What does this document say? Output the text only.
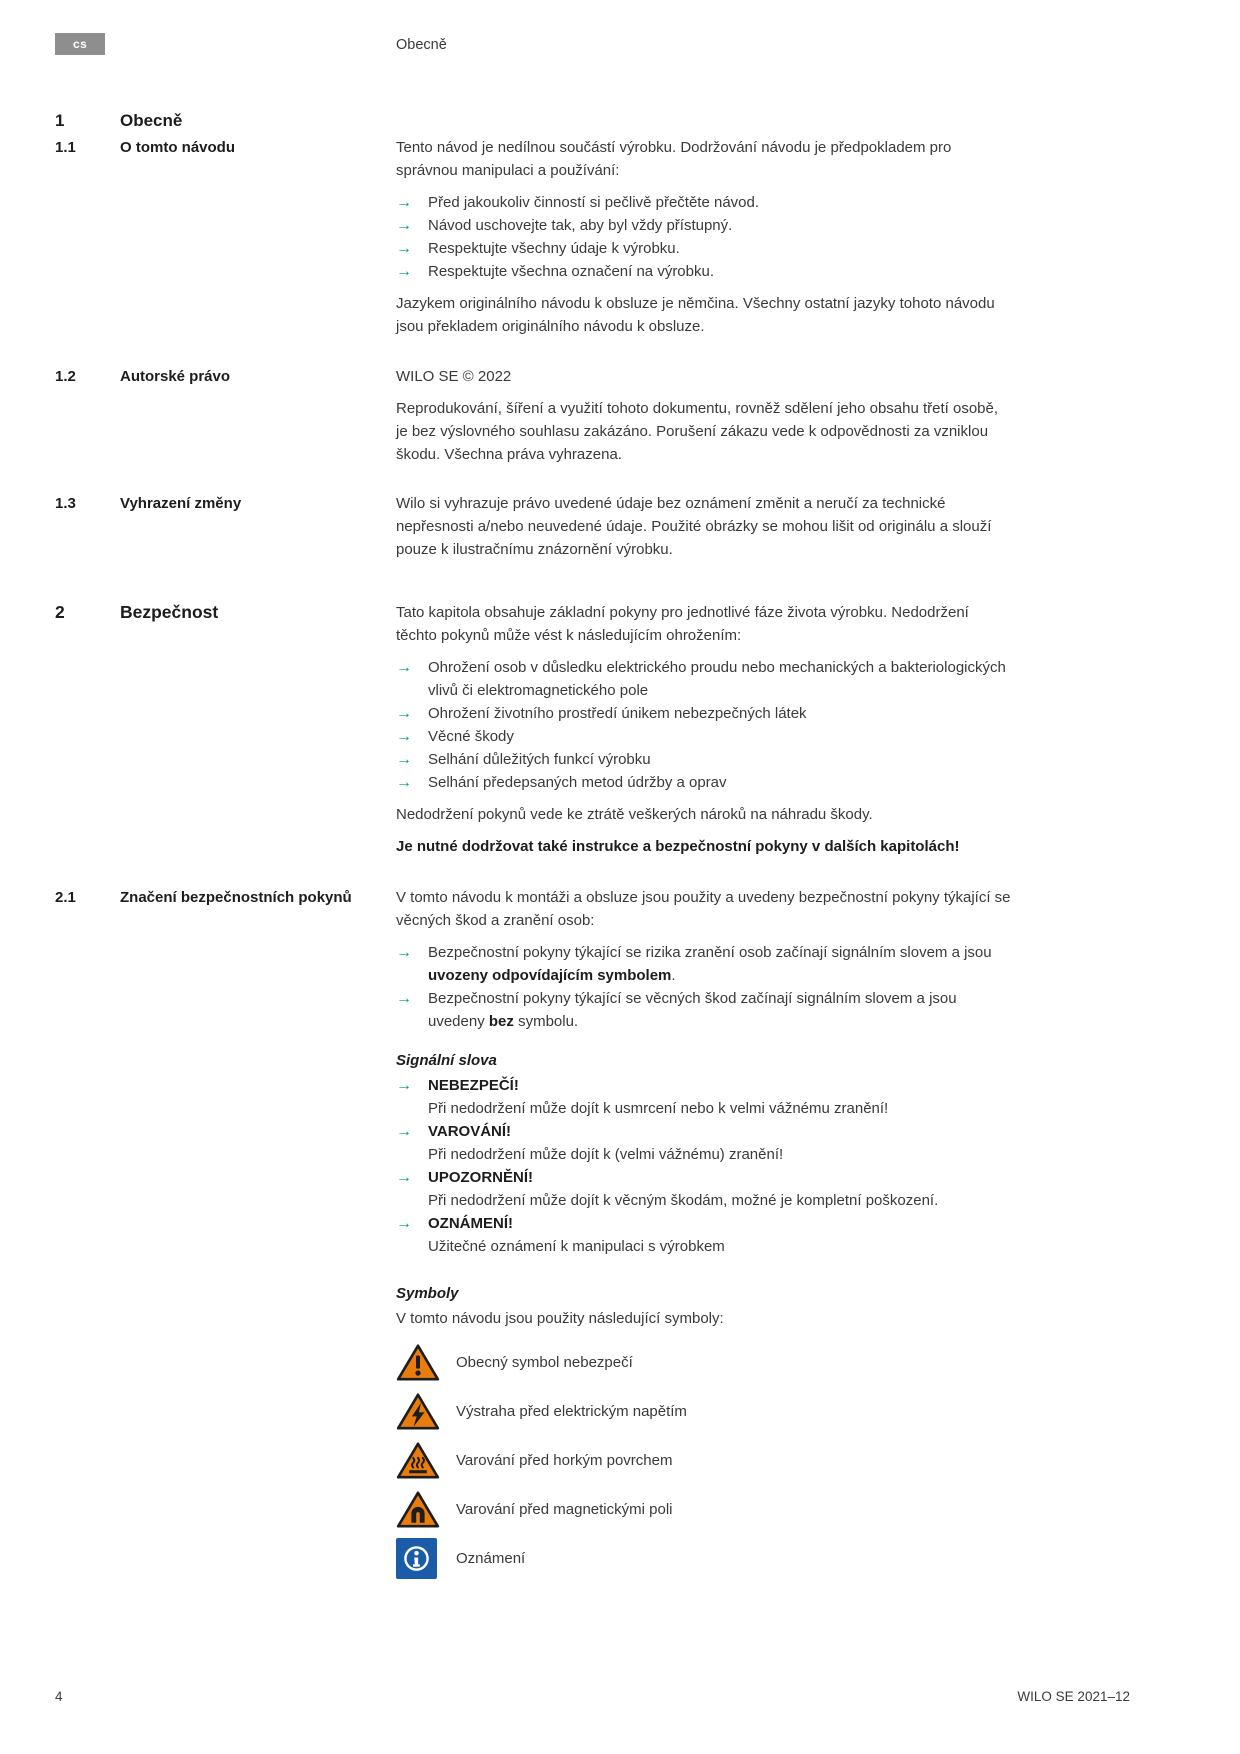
cs	Obecně
1	Obecně
1.1	O tomto návodu	Tento návod je nedílnou součástí výrobku. Dodržování návodu je předpokladem pro správnou manipulaci a používání:

→	Před jakoukoliv činností si pečlivě přečtěte návod.
→	Návod uschovejte tak, aby byl vždy přístupný.
→	Respektujte všechny údaje k výrobku.
→	Respektujte všechna označení na výrobku.

Jazykem originálního návodu k obsluze je němčina. Všechny ostatní jazyky tohoto návodu jsou překladem originálního návodu k obsluze.

1.2	Autorské právo	WILO SE © 2022

Reprodukování, šíření a využití tohoto dokumentu, rovněž sdělení jeho obsahu třetí osobě, je bez výslovného souhlasu zakázáno. Porušení zákazu vede k odpovědnosti za vzniklou škodu. Všechna práva vyhrazena.

1.3	Vyhrazení změny	Wilo si vyhrazuje právo uvedené údaje bez oznámení změnit a neručí za technické nepřesnosti a/nebo neuvedené údaje. Použité obrázky se mohou lišit od originálu a slouží pouze k ilustračnímu znázornění výrobku.

2	Bezpečnost	Tato kapitola obsahuje základní pokyny pro jednotlivé fáze života výrobku. Nedodržení těchto pokynů může vést k následujícím ohrožením:

→	Ohrožení osob v důsledku elektrického proudu nebo mechanických a bakteriologických vlivů či elektromagnetického pole
→	Ohrožení životního prostředí únikem nebezpečných látek
→	Věcné škody
→	Selhání důležitých funkcí výrobku
→	Selhání předepsaných metod údržby a oprav

Nedodržení pokynů vede ke ztrátě veškerých nároků na náhradu škody.

Je nutné dodržovat také instrukce a bezpečnostní pokyny v dalších kapitolách!

2.1	Značení bezpečnostních pokynů	V tomto návodu k montáži a obsluze jsou použity a uvedeny bezpečnostní pokyny týkající se věcných škod a zranění osob:

→	Bezpečnostní pokyny týkající se rizika zranění osob začínají signálním slovem a jsou uvozeny odpovídajícím symbolem.
→	Bezpečnostní pokyny týkající se věcných škod začínají signálním slovem a jsou uvedeny bez symbolu.
Signální slova
→	NEBEZPEČÍ!
Při nedodržení může dojít k usmrcení nebo k velmi vážnému zranění!
→	VAROVÁNÍ!
Při nedodržení může dojít k (velmi vážnému) zranění!
→	UPOZORNĚNÍ!
Při nedodržení může dojít k věcným škodám, možné je kompletní poškození.
→	OZNÁMENÍ!
Užitečné oznámení k manipulaci s výrobkem
Symboly

V tomto návodu jsou použity následující symboly:

Obecný symbol nebezpečí
Výstraha před elektrickým napětím
Varování před horkým povrchem
Varování před magnetickými poli
Oznámení
4	WILO SE 2021–12
